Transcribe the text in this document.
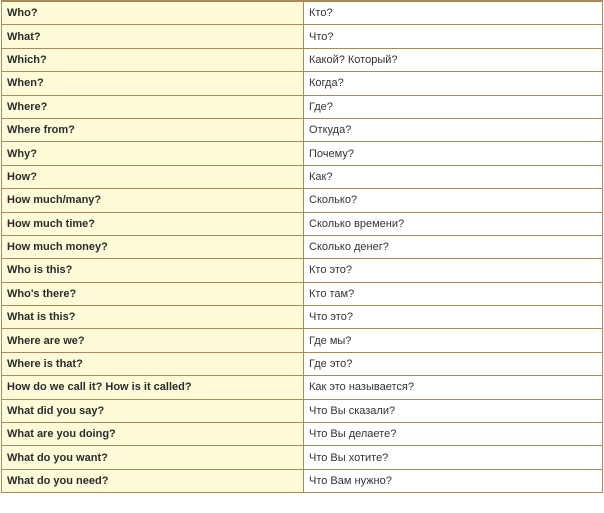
Who?	Кто?
What?	Что?
Which?	Какой? Который?
When?	Когда?
Where?	Где?
Where from?	Откуда?
Why?	Почему?
How?	Как?
How much/many?	Сколько?
How much time?	Сколько времени?
How much money?	Сколько денег?
Who is this?	Кто это?
Who's there?	Кто там?
What is this?	Что это?
Where are we?	Где мы?
Where is that?	Где это?
How do we call it? How is it called?	Как это называется?
What did you say?	Что Вы сказали?
What are you doing?	Что Вы делаете?
What do you want?	Что Вы хотите?
What do you need?	Что Вам нужно?
